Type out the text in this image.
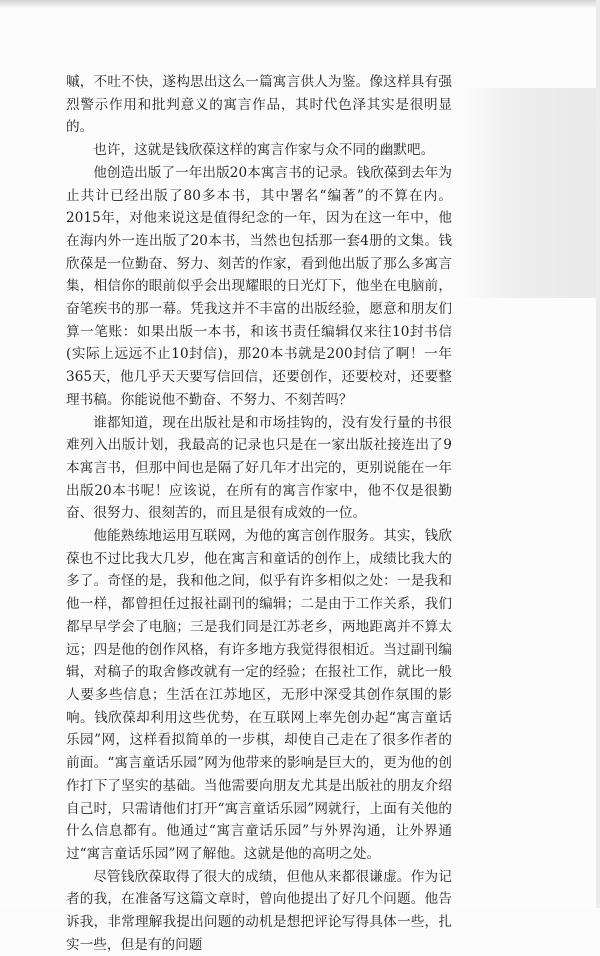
嘁，不吐不快，遂构思出这么一篇寓言供人为鉴。像这样具有强烈警示作用和批判意义的寓言作品，其时代色泽其实是很明显的。

也许，这就是钱欣葆这样的寓言作家与众不同的幽默吧。

他创造出版了一年出版20本寓言书的记录。钱欣葆到去年为止共计已经出版了80多本书，其中署名“编著”的不算在内。2015年，对他来说这是值得纪念的一年，因为在这一年中，他在海内外一连出版了20本书，当然也包括那一套4册的文集。钱欣葆是一位勤奋、努力、刻苦的作家，看到他出版了那么多寓言集，相信你的眼前似乎会出现耀眼的日光灯下，他坐在电脑前，奋笔疾书的那一幕。凭我这并不丰富的出版经验，愿意和朋友们算一笔账：如果出版一本书，和该书责任编辑仅来往10封书信(实际上远远不止10封信)，那20本书就是200封信了啊！一年365天，他几乎天天要写信回信，还要创作，还要校对，还要整理书稿。你能说他不勤奋、不努力、不刻苦吗？

谁都知道，现在出版社是和市场挂钩的，没有发行量的书很难列入出版计划，我最高的记录也只是在一家出版社接连出了9本寓言书，但那中间也是隔了好几年才出完的，更别说能在一年出版20本书呢！应该说，在所有的寓言作家中，他不仅是很勤奋、很努力、很刻苦的，而且是很有成效的一位。

他能熟练地运用互联网，为他的寓言创作服务。其实，钱欣葆也不过比我大几岁，他在寓言和童话的创作上，成绩比我大的多了。奇怪的是，我和他之间，似乎有许多相似之处：一是我和他一样，都曾担任过报社副刊的编辑；二是由于工作关系，我们都早早学会了电脑；三是我们同是江苏老乡，两地距离并不算太远；四是他的创作风格，有许多地方我觉得很相近。当过副刊编辑，对稿子的取舍修改就有一定的经验；在报社工作，就比一般人要多些信息；生活在江苏地区，无形中深受其创作氛围的影响。钱欣葆却利用这些优势，在互联网上率先创办起“寓言童话乐园”网，这样看拟简单的一步棋，却使自己走在了很多作者的前面。“寓言童话乐园”网为他带来的影响是巨大的，更为他的创作打下了坚实的基础。当他需要向朋友尤其是出版社的朋友介绍自己时，只需请他们打开“寓言童话乐园”网就行，上面有关他的什么信息都有。他通过“寓言童话乐园”与外界沟通，让外界通过“寓言童话乐园”网了解他。这就是他的高明之处。

尽管钱欣葆取得了很大的成绩，但他从来都很谦虚。作为记者的我，在准备写这篇文章时，曾向他提出了好几个问题。他告诉我，非常理解我提出问题的动机是想把评论写得具体一些，扎实一些，但是有的问题
